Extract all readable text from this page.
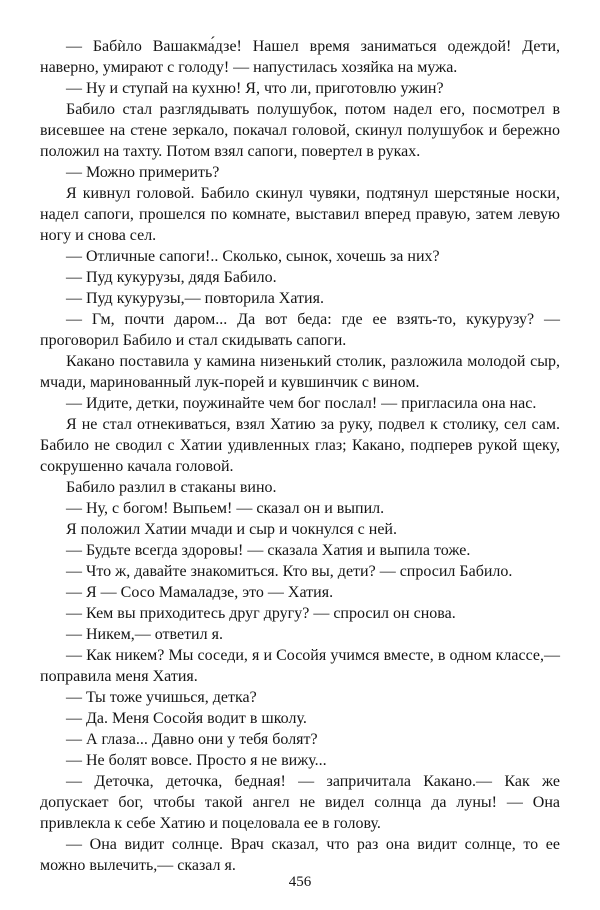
— Бабѝло Вашакма́дзе! Нашел время заниматься одеждой! Дети, наверно, умирают с голоду! — напустилась хозяйка на мужа.

— Ну и ступай на кухню! Я, что ли, приготовлю ужин?

Бабило стал разглядывать полушубок, потом надел его, посмотрел в висевшее на стене зеркало, покачал головой, скинул полушубок и бережно положил на тахту. Потом взял сапоги, повертел в руках.

— Можно примерить?

Я кивнул головой. Бабило скинул чувяки, подтянул шерстяные носки, надел сапоги, прошелся по комнате, выставил вперед правую, затем левую ногу и снова сел.

— Отличные сапоги!.. Сколько, сынок, хочешь за них?

— Пуд кукурузы, дядя Бабило.

— Пуд кукурузы,— повторила Хатия.

— Гм, почти даром... Да вот беда: где ее взять-то, кукурузу? — проговорил Бабило и стал скидывать сапоги.

Какано поставила у камина низенький столик, разложила молодой сыр, мчади, маринованный лук-порей и кувшинчик с вином.

— Идите, детки, поужинайте чем бог послал! — пригласила она нас.

Я не стал отнекиваться, взял Хатию за руку, подвел к столику, сел сам. Бабило не сводил с Хатии удивленных глаз; Какано, подперев рукой щеку, сокрушенно качала головой.

Бабило разлил в стаканы вино.

— Ну, с богом! Выпьем! — сказал он и выпил.

Я положил Хатии мчади и сыр и чокнулся с ней.

— Будьте всегда здоровы! — сказала Хатия и выпила тоже.

— Что ж, давайте знакомиться. Кто вы, дети? — спросил Бабило.

— Я — Сосо Мамаладзе, это — Хатия.

— Кем вы приходитесь друг другу? — спросил он снова.

— Никем,— ответил я.

— Как никем? Мы соседи, я и Сосойя учимся вместе, в одном классе,— поправила меня Хатия.

— Ты тоже учишься, детка?

— Да. Меня Сосойя водит в школу.

— А глаза... Давно они у тебя болят?

— Не болят вовсе. Просто я не вижу...

— Деточка, деточка, бедная! — запричитала Какано.— Как же допускает бог, чтобы такой ангел не видел солнца да луны! — Она привлекла к себе Хатию и поцеловала ее в голову.

— Она видит солнце. Врач сказал, что раз она видит солнце, то ее можно вылечить,— сказал я.

456
